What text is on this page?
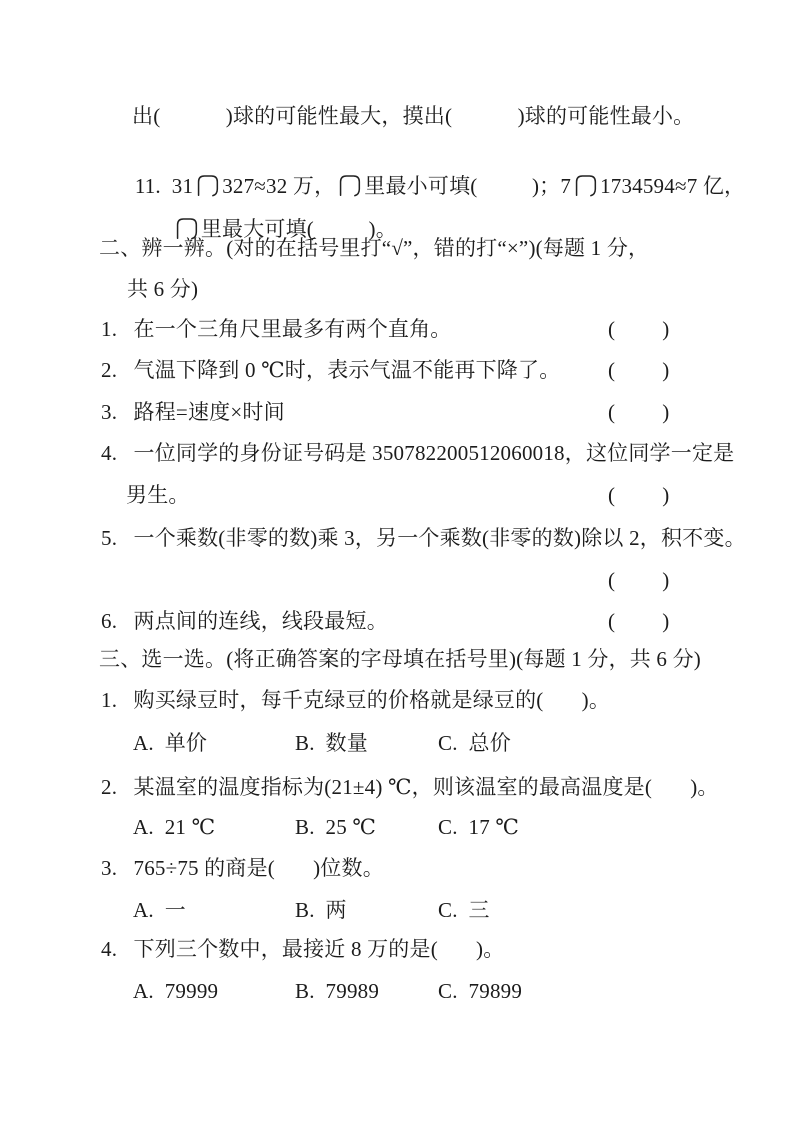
出(            )球的可能性最大，摸出(            )球的可能性最小。

11.  31 327≈32 万， 里最小可填(          )；7 1734594≈7 亿，

里最大可填(          )。

二、辨一辨。(对的在括号里打“√”，错的打“×”)(每题 1 分，
共 6 分)
1.   在一个三角尺里最多有两个直角。	(         )
2.   气温下降到 0 ℃时，表示气温不能再下降了。 (         )
3.   路程=速度×时间	(         )
4.   一位同学的身份证号码是 350782200512060018，这位同学一定是
男生。	(         )
5.   一个乘数(非零的数)乘 3，另一个乘数(非零的数)除以 2，积不变。
(         )
6.   两点间的连线，线段最短。	(         )
三、选一选。(将正确答案的字母填在括号里)(每题 1 分，共 6 分)
1.   购买绿豆时，每千克绿豆的价格就是绿豆的(       )。
A.  单价	B.  数量	C.  总价
2.   某温室的温度指标为(21±4) ℃，则该温室的最高温度是(       )。
A.  21 ℃	B.  25 ℃	C.  17 ℃
3.   765÷75 的商是(       )位数。
A.  一	B.  两	C.  三
4.   下列三个数中，最接近 8 万的是(       )。
A.  79999	B.  79989	C.  79899
